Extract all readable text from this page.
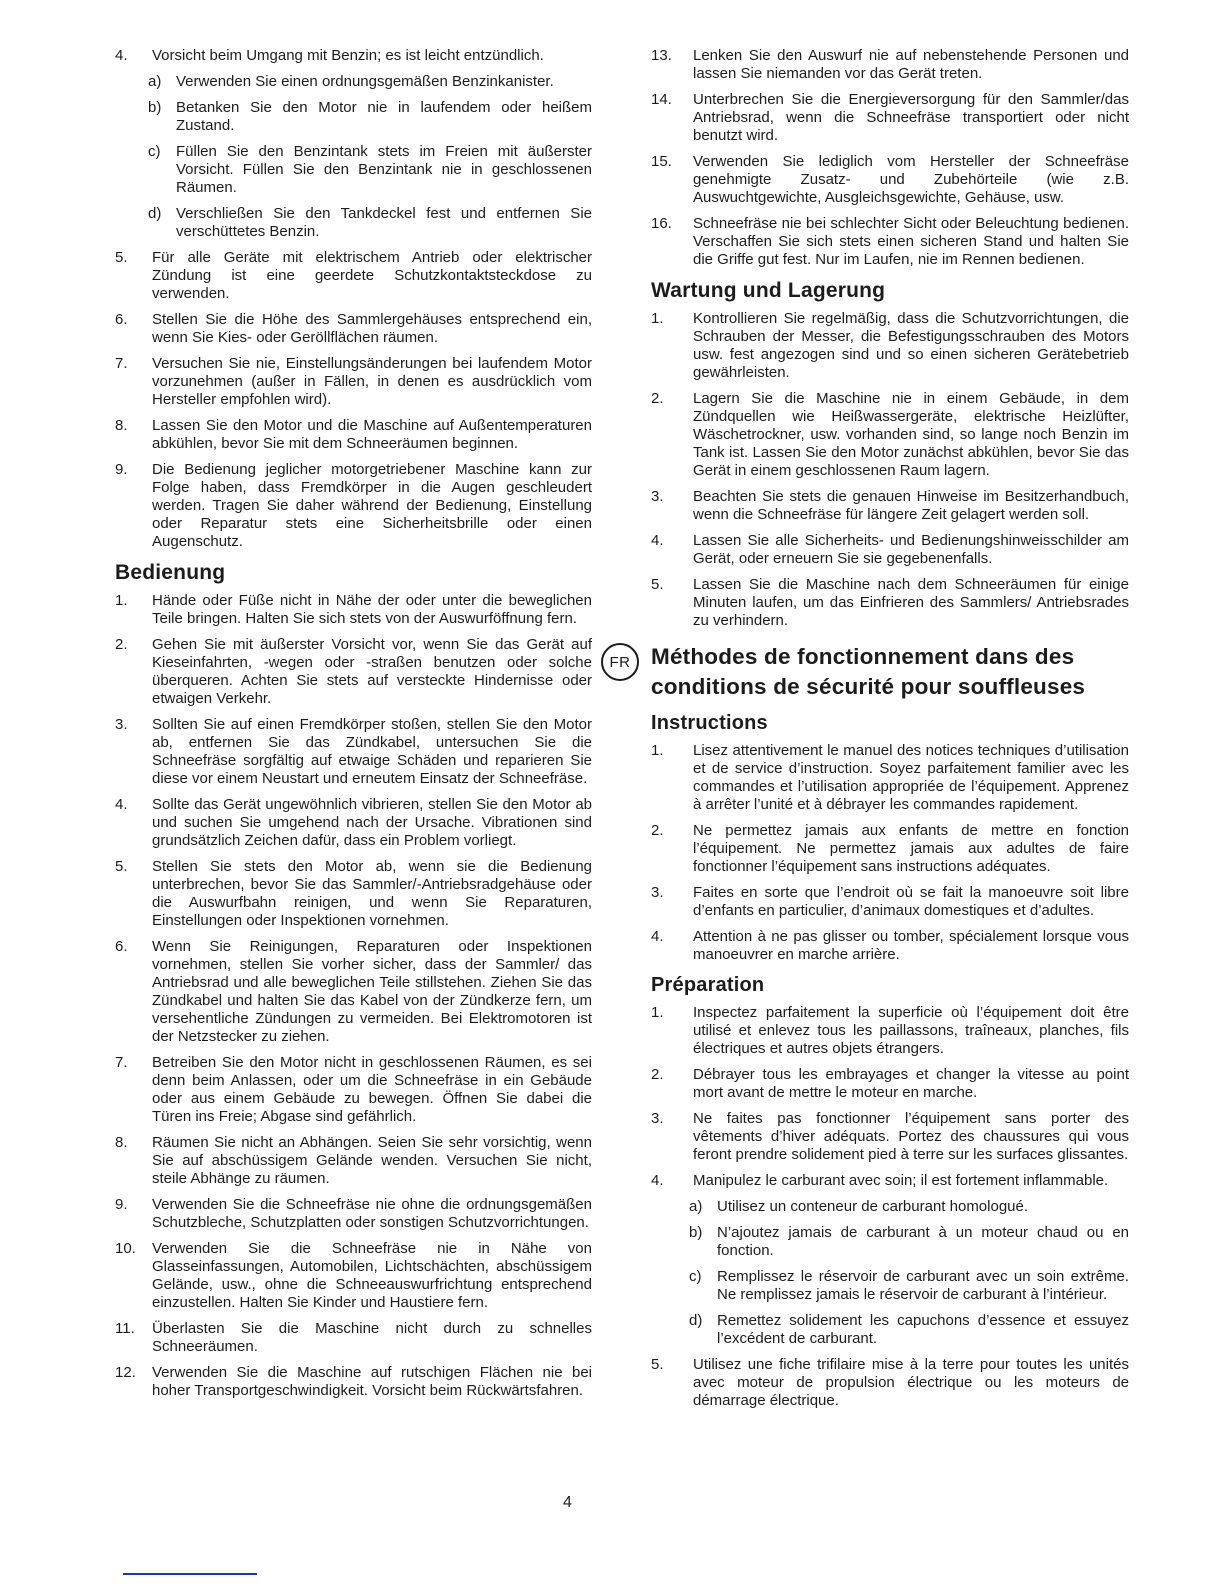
4.	Vorsicht beim Umgang mit Benzin; es ist leicht entzündlich.
a) Verwenden Sie einen ordnungsgemäßen Benzinkanister.
b) Betanken Sie den Motor nie in laufendem oder heißem Zustand.
c)	Füllen Sie den Benzintank stets im Freien mit äußerster Vorsicht. Füllen Sie den Benzintank nie in geschlossenen Räumen.
d) Verschließen Sie den Tankdeckel fest und entfernen Sie verschüttetes Benzin.
5.	Für alle Geräte mit elektrischem Antrieb oder elektrischer Zündung ist eine geerdete Schutzkontaktsteckdose zu verwenden.
6.	Stellen Sie die Höhe des Sammlergehäuses entsprechend ein, wenn Sie Kies- oder Geröllflächen räumen.
7.	Versuchen Sie nie, Einstellungsänderungen bei laufendem Motor vorzunehmen (außer in Fällen, in denen es ausdrücklich vom Hersteller empfohlen wird).
8.	Lassen Sie den Motor und die Maschine auf Außentemperaturen abkühlen, bevor Sie mit dem Schneeräumen beginnen.
9.	Die Bedienung jeglicher motorgetriebener Maschine kann zur Folge haben, dass Fremdkörper in die Augen geschleudert werden. Tragen Sie daher während der Bedienung, Einstellung oder Reparatur stets eine Sicherheitsbrille oder einen Augenschutz.
Bedienung
1.	Hände oder Füße nicht in Nähe der oder unter die beweglichen Teile bringen. Halten Sie sich stets von der Auswurföffnung fern.
2.	Gehen Sie mit äußerster Vorsicht vor, wenn Sie das Gerät auf Kieseinfahrten, -wegen oder -straßen benutzen oder solche überqueren. Achten Sie stets auf versteckte Hindernisse oder etwaigen Verkehr.
3.	Sollten Sie auf einen Fremdkörper stoßen, stellen Sie den Motor ab, entfernen Sie das Zündkabel, untersuchen Sie die Schneefräse sorgfältig auf etwaige Schäden und reparieren Sie diese vor einem Neustart und erneutem Einsatz der Schneefräse.
4.	Sollte das Gerät ungewöhnlich vibrieren, stellen Sie den Motor ab und suchen Sie umgehend nach der Ursache. Vibrationen sind grundsätzlich Zeichen dafür, dass ein Problem vorliegt.
5.	Stellen Sie stets den Motor ab, wenn sie die Bedienung unterbrechen, bevor Sie das Sammler/-Antriebsradgehäuse oder die Auswurfbahn reinigen, und wenn Sie Reparaturen, Einstellungen oder Inspektionen vornehmen.
6.	Wenn Sie Reinigungen, Reparaturen oder Inspektionen vornehmen, stellen Sie vorher sicher, dass der Sammler/ das Antriebsrad und alle beweglichen Teile stillstehen. Ziehen Sie das Zündkabel und halten Sie das Kabel von der Zündkerze fern, um versehentliche Zündungen zu vermeiden. Bei Elektromotoren ist der Netzstecker zu ziehen.
7.	Betreiben Sie den Motor nicht in geschlossenen Räumen, es sei denn beim Anlassen, oder um die Schneefräse in ein Gebäude oder aus einem Gebäude zu bewegen. Öffnen Sie dabei die Türen ins Freie; Abgase sind gefährlich.
8.	Räumen Sie nicht an Abhängen. Seien Sie sehr vorsichtig, wenn Sie auf abschüssigem Gelände wenden. Versuchen Sie nicht, steile Abhänge zu räumen.
9.	Verwenden Sie die Schneefräse nie ohne die ordnungsgemäßen Schutzbleche, Schutzplatten oder sonstigen Schutzvorrichtungen.
10.	Verwenden Sie die Schneefräse nie in Nähe von Glasseinfassungen, Automobilen, Lichtschächten, abschüssigem Gelände, usw., ohne die Schneeauswurfrichtung entsprechend einzustellen. Halten Sie Kinder und Haustiere fern.
11.	Überlasten Sie die Maschine nicht durch zu schnelles Schneeräumen.
12.	Verwenden Sie die Maschine auf rutschigen Flächen nie bei hoher Transportgeschwindigkeit. Vorsicht beim Rückwärtsfahren.
13.	Lenken Sie den Auswurf nie auf nebenstehende Personen und lassen Sie niemanden vor das Gerät treten.
14.	Unterbrechen Sie die Energieversorgung für den Sammler/das Antriebsrad, wenn die Schneefräse transportiert oder nicht benutzt wird.
15.	Verwenden Sie lediglich vom Hersteller der Schneefräse genehmigte Zusatz- und Zubehörteile (wie z.B. Auswuchtgewichte, Ausgleichsgewichte, Gehäuse, usw.
16.	Schneefräse nie bei schlechter Sicht oder Beleuchtung bedienen. Verschaffen Sie sich stets einen sicheren Stand und halten Sie die Griffe gut fest. Nur im Laufen, nie im Rennen bedienen.
Wartung und Lagerung
1.	Kontrollieren Sie regelmäßig, dass die Schutzvorrichtungen, die Schrauben der Messer, die Befestigungsschrauben des Motors usw. fest angezogen sind und so einen sicheren Gerätebetrieb gewährleisten.
2.	Lagern Sie die Maschine nie in einem Gebäude, in dem Zündquellen wie Heißwassergeräte, elektrische Heizlüfter, Wäschetrockner, usw. vorhanden sind, so lange noch Benzin im Tank ist. Lassen Sie den Motor zunächst abkühlen, bevor Sie das Gerät in einem geschlossenen Raum lagern.
3.	Beachten Sie stets die genauen Hinweise im Besitzerhandbuch, wenn die Schneefräse für längere Zeit gelagert werden soll.
4.	Lassen Sie alle Sicherheits- und Bedienungshinweisschilder am Gerät, oder erneuern Sie sie gegebenenfalls.
5.	Lassen Sie die Maschine nach dem Schneeräumen für einige Minuten laufen, um das Einfrieren des Sammlers/ Antriebsrades zu verhindern.
FR Méthodes de fonctionnement dans des conditions de sécurité pour souffleuses
Instructions
1.	Lisez attentivement le manuel des notices techniques d’utilisation et de service d’instruction. Soyez parfaitement familier avec les commandes et l’utilisation appropriée de l’équipement. Apprenez à arrêter l’unité et à débrayer les commandes rapidement.
2.	Ne permettez jamais aux enfants de mettre en fonction l’équipement. Ne permettez jamais aux adultes de faire fonctionner l’équipement sans instructions adéquates.
3.	Faites en sorte que l’endroit où se fait la manoeuvre soit libre d’enfants en particulier, d’animaux domestiques et d’adultes.
4.	Attention à ne pas glisser ou tomber, spécialement lorsque vous manoeuvrer en marche arrière.
Préparation
1.	Inspectez parfaitement la superficie où l’équipement doit être utilisé et enlevez tous les paillassons, traîneaux, planches, fils électriques et autres objets étrangers.
2.	Débrayer tous les embrayages et changer la vitesse au point mort avant de mettre le moteur en marche.
3.	Ne faites pas fonctionner l’équipement sans porter des vêtements d’hiver adéquats. Portez des chaussures qui vous feront prendre solidement pied à terre sur les surfaces glissantes.
4.	Manipulez le carburant avec soin; il est fortement inflammable.
a) Utilisez un conteneur de carburant homologué.
b) N’ajoutez jamais de carburant à un moteur chaud ou en fonction.
c)	Remplissez le réservoir de carburant avec un soin extrême. Ne remplissez jamais le réservoir de carburant à l’intérieur.
d) Remettez solidement les capuchons d’essence et essuyez l’excédent de carburant.
5.	Utilisez une fiche trifilaire mise à la terre pour toutes les unités avec moteur de propulsion électrique ou les moteurs de démarrage électrique.
4
